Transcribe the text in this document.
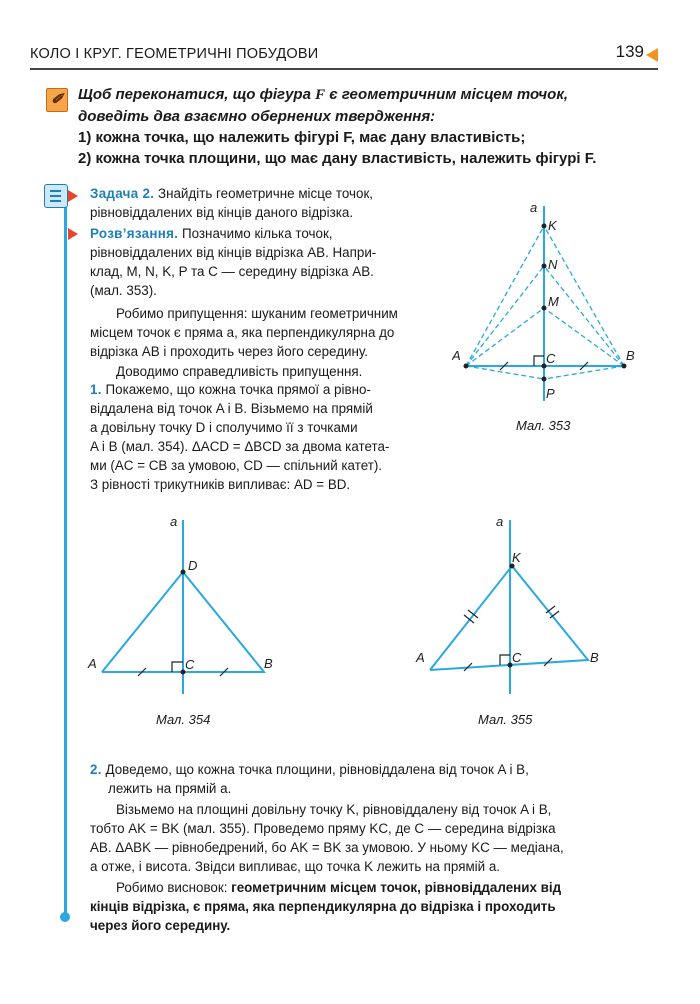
КОЛО І КРУГ. ГЕОМЕТРИЧНІ ПОБУДОВИ	139
✐ Щоб переконатися, що фігура F є геометричним місцем точок,

доведіть два взаємно обернених твердження:

1) кожна точка, що належить фігурі F, має дану властивість;

2) кожна точка площини, що має дану властивість, належить фігурі F.

Задача 2. Знайдіть геометричне місце точок,

рівновіддалених від кінців даного відрізка.

Розв’язання. Позначимо кілька точок,

рівновіддалених від кінців відрізка AB. Напри-

клад, M, N, K, P та C — середину відрізка AB.

(мал. 353).

Робимо припущення: шуканим геометричним

місцем точок є пряма a, яка перпендикулярна до

відрізка AB і проходить через його середину.

Доводимо справедливість припущення.

1. Покажемо, що кожна точка прямої a рівно-

віддалена від точок A і B. Візьмемо на прямій

a довільну точку D і сполучимо її з точками

A і B (мал. 354). ΔACD = ΔBCD за двома катета-

ми (AC = CB за умовою, CD — спільний катет).

З рівності трикутників випливає: AD = BD.

a
K
N
M
A	C	B
P
Мал. 353
a
D
A	C	B
Мал. 354
a
K
A	C	B
Мал. 355

2. Доведемо, що кожна точка площини, рівновіддалена від точок A і B,

лежить на прямій a.

Візьмемо на площині довільну точку K, рівновіддалену від точок A і B,

тобто AK = BK (мал. 355). Проведемо пряму KC, де C — середина відрізка

AB. ΔABK — рівнобедрений, бо AK = BK за умовою. У ньому KC — медіана,

а отже, і висота. Звідси випливає, що точка K лежить на прямій a.

Робимо висновок: геометричним місцем точок, рівновіддалених від

кінців відрізка, є пряма, яка перпендикулярна до відрізка і проходить

через його середину.
